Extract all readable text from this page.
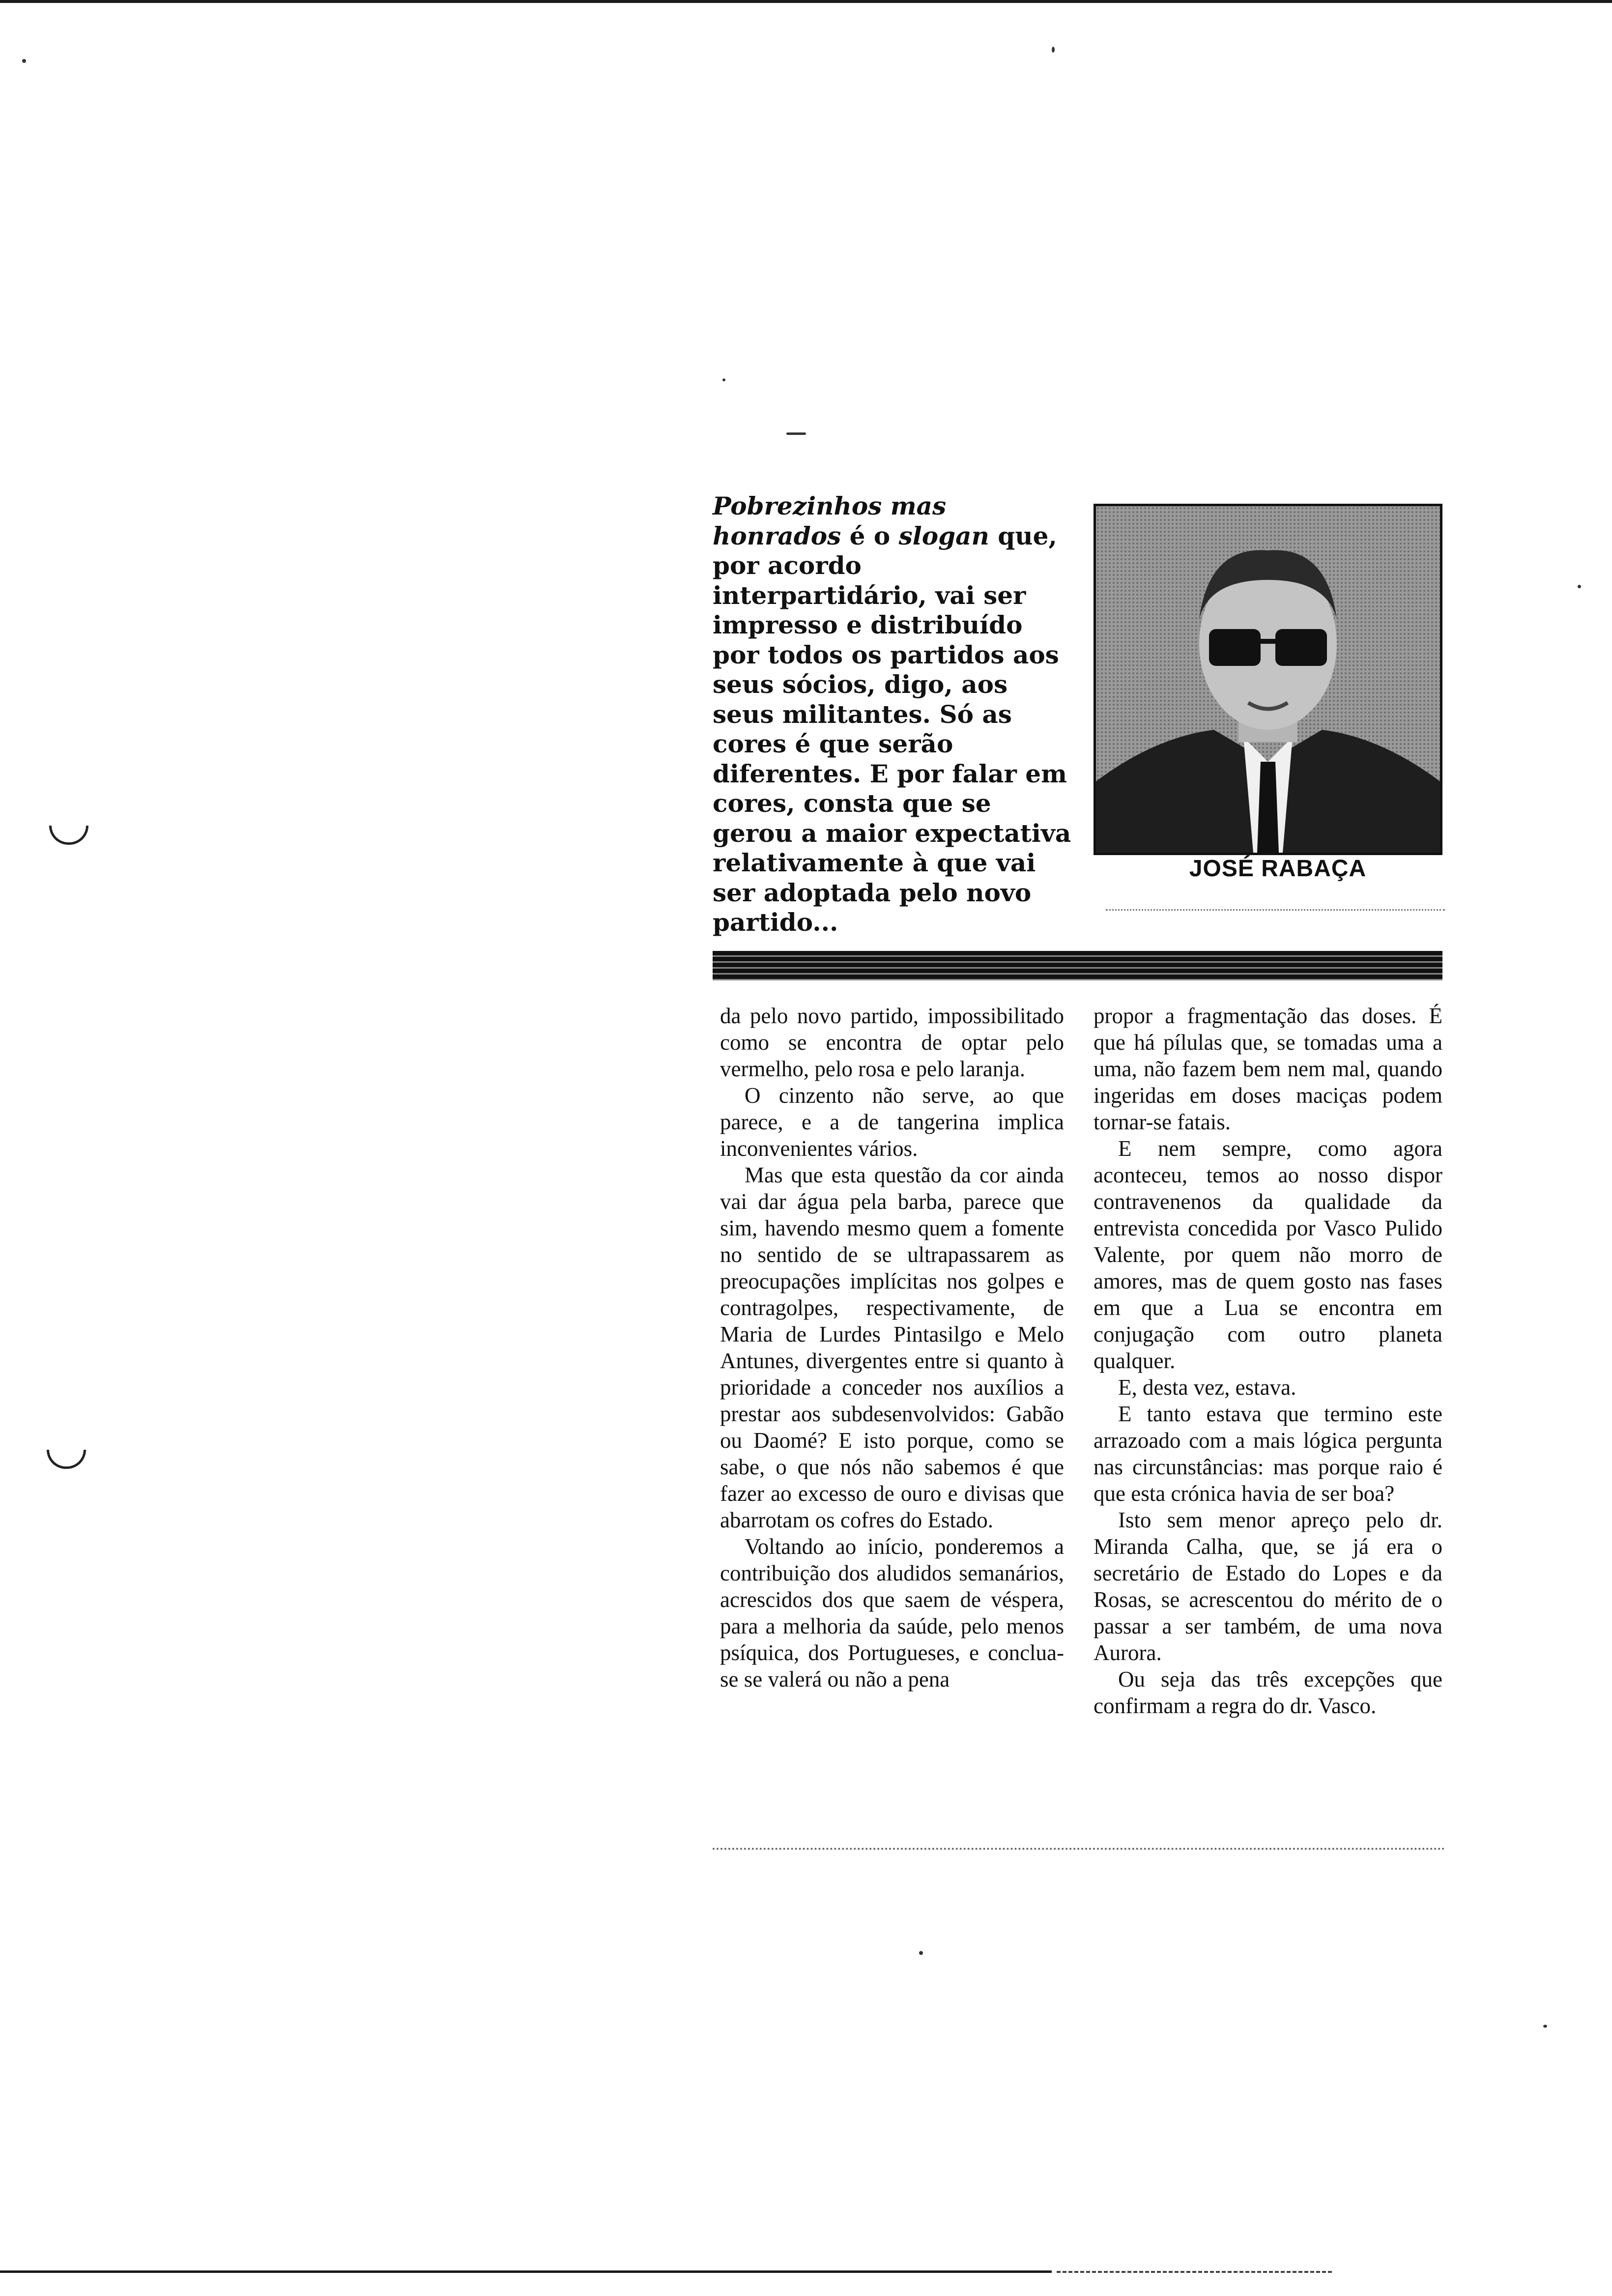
Pobrezinhos mas honrados é o slogan que, por acordo interpartidário, vai ser impresso e distribuído por todos os partidos aos seus sócios, digo, aos seus militantes. Só as cores é que serão diferentes. E por falar em cores, consta que se gerou a maior expectativa relativamente à que vai ser adoptada pelo novo partido...

JOSÉ RABAÇA

da pelo novo partido, impossibilitado como se encontra de optar pelo vermelho, pelo rosa e pelo laranja.

O cinzento não serve, ao que parece, e a de tangerina implica inconvenientes vários.

Mas que esta questão da cor ainda vai dar água pela barba, parece que sim, havendo mesmo quem a fomente no sentido de se ultrapassarem as preocupações implícitas nos golpes e contragolpes, respectivamente, de Maria de Lurdes Pintasilgo e Melo Antunes, divergentes entre si quanto à prioridade a conceder nos auxílios a prestar aos subdesenvolvidos: Gabão ou Daomé? E isto porque, como se sabe, o que nós não sabemos é que fazer ao excesso de ouro e divisas que abarrotam os cofres do Estado.

Voltando ao início, ponderemos a contribuição dos aludidos semanários, acrescidos dos que saem de véspera, para a melhoria da saúde, pelo menos psíquica, dos Portugueses, e conclua-se se valerá ou não a pena

propor a fragmentação das doses. É que há pílulas que, se tomadas uma a uma, não fazem bem nem mal, quando ingeridas em doses maciças podem tornar-se fatais.

E nem sempre, como agora aconteceu, temos ao nosso dispor contravenenos da qualidade da entrevista concedida por Vasco Pulido Valente, por quem não morro de amores, mas de quem gosto nas fases em que a Lua se encontra em conjugação com outro planeta qualquer.

E, desta vez, estava.

E tanto estava que termino este arrazoado com a mais lógica pergunta nas circunstâncias: mas porque raio é que esta crónica havia de ser boa?

Isto sem menor apreço pelo dr. Miranda Calha, que, se já era o secretário de Estado do Lopes e da Rosas, se acrescentou do mérito de o passar a ser também, de uma nova Aurora.

Ou seja das três excepções que confirmam a regra do dr. Vasco.
